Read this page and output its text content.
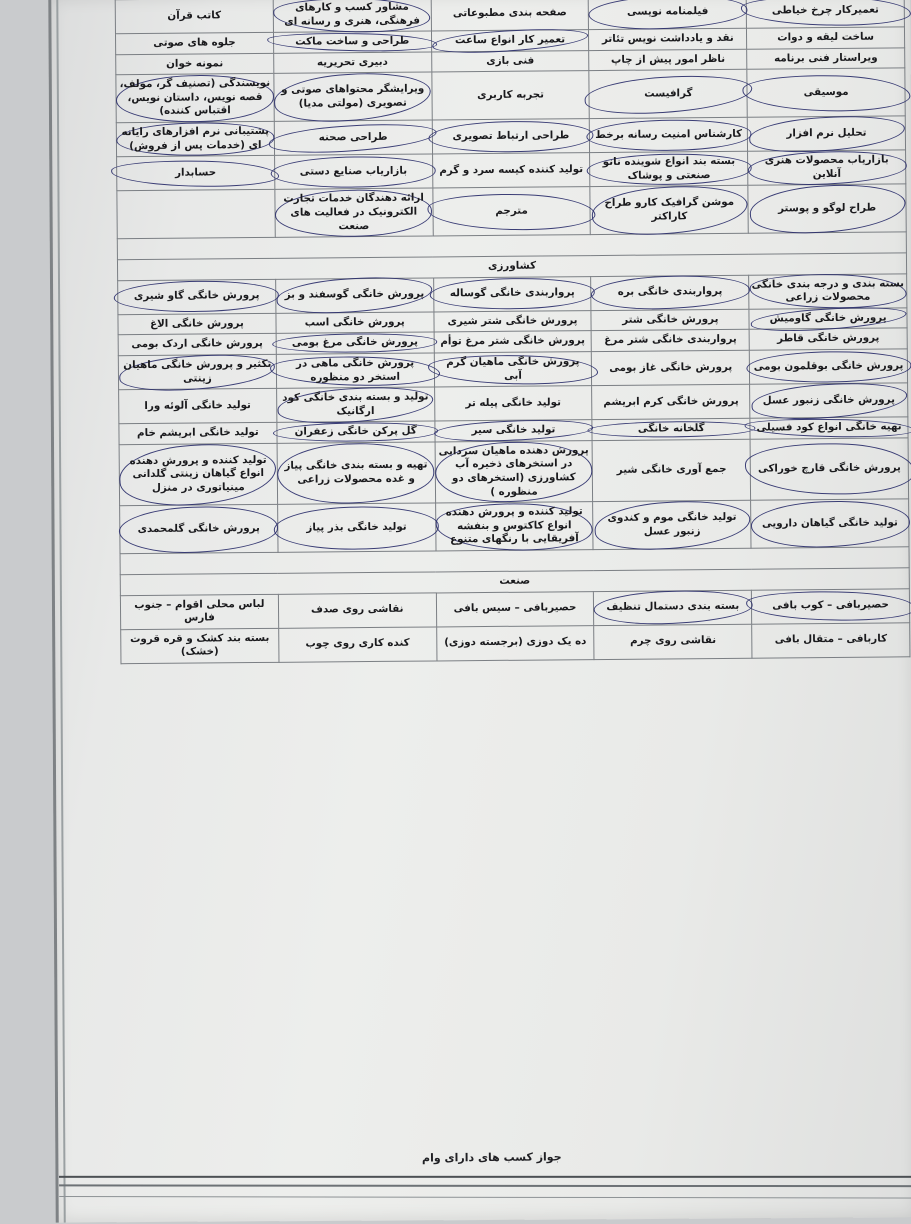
تعمیرکار چرخ خیاطی	فیلمنامه نویسی	صفحه بندی مطبوعاتی	مشاور کسب و کارهای فرهنگی، هنری و رسانه ای	کاتب قرآن

ساخت لیقه و دوات	نقد و یادداشت نویس تئاتر	تعمیر کار انواع ساعت	طراحی و ساخت ماکت	جلوه های صوتی

ویراستار فنی برنامه	ناظر امور پیش از چاپ	فنی بازی	دبیری تحریریه	نمونه خوان

موسیقی	گرافیست	تجربه کاربری	ویرایشگر محتواهای صوتی و تصویری (مولتی مدیا)	نویسندگی (تصنیف گر، مولف، قصه نویس، داستان نویس، اقتباس کننده)

تحلیل نرم افزار	کارشناس امنیت رسانه برخط	طراحی ارتباط تصویری	طراحی صحنه	پشتیبانی نرم افزارهای رایانه ای (خدمات پس از فروش)

بازاریاب محصولات هنری آنلاین	بسته بند انواع شوینده نانو صنعتی و پوشاک	تولید کننده کیسه سرد و گرم	بازاریاب صنایع دستی	حسابدار

طراح لوگو و پوستر	موشن گرافیک کارو طراح کاراکتر	مترجم	ارائه دهندگان خدمات تجارت الکترونیک در فعالیت های صنعت	

کشاورزی				

بسته بندی و درجه بندی خانگی محصولات زراعی	پرواربندی خانگی بره	پرواربندی خانگی گوساله	پرورش خانگی گوسفند و بز	پرورش خانگی گاو شیری

پرورش خانگی گاومیش	پرورش خانگی شتر	پرورش خانگی شتر شیری	پرورش خانگی اسب	پرورش خانگی الاغ

پرورش خانگی قاطر	پرواربندی خانگی شتر مرغ	پرورش خانگی شتر مرغ توأم	پرورش خانگی مرغ بومی	پرورش خانگی اردک بومی

پرورش خانگی بوقلمون بومی	پرورش خانگی غاز بومی	پرورش خانگی ماهیان گرم آبی	پرورش خانگی ماهی در استخر دو منظوره	تکثیر و پرورش خانگی ماهیان زینتی

پرورش خانگی زنبور عسل	پرورش خانگی کرم ابریشم	تولید خانگی پیله تر	تولید و بسته بندی خانگی کود ارگانیک	تولید خانگی آلوئه ورا

تهیه خانگی انواع کود فسیلی	گلخانه خانگی	تولید خانگی سیر	گل پرکن خانگی زعفران	تولید خانگی ابریشم خام

پرورش خانگی قارچ خوراکی	جمع آوری خانگی شیر	پرورش دهنده ماهیان سردابی در استخرهای ذخیره آب کشاورزی (استخرهای دو منظوره )	تهیه و بسته بندی خانگی پیاز و غده محصولات زراعی	تولید کننده و پرورش دهنده انواع گیاهان زینتی گلدانی مینیاتوری در منزل

تولید خانگی گیاهان دارویی	تولید خانگی موم و کندوی زنبور عسل	تولید کننده و پرورش دهنده انواع کاکتوس و بنفشه آفریقایی با رنگهای متنوع	تولید خانگی بذر پیاز	پرورش خانگی گلمحمدی

صنعت				

حصیربافی – کوب بافی	بسته بندی دستمال تنظیف	حصیربافی – سیس بافی	نقاشی روی صدف	لباس محلی اقوام – جنوب فارس

کاربافی – متقال بافی	نقاشی روی چرم	ده یک دوزی (برجسته دوزی)	کنده کاری روی چوب	بسته بند کشک و قره قروت (خشک)
جواز کسب های دارای وام
